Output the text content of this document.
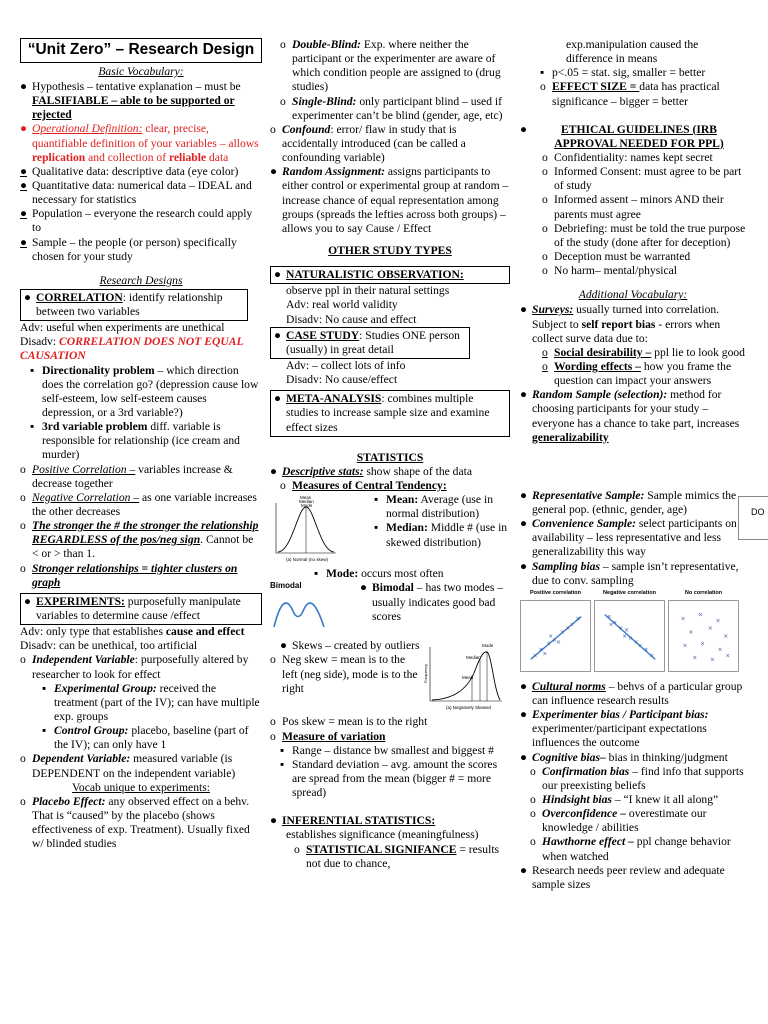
“Unit Zero” – Research Design
Basic Vocabulary:
● Hypothesis – tentative explanation – must be FALSIFIABLE – able to be supported or rejected
● Operational Definition: clear, precise, quantifiable definition of your variables – allows replication and collection of reliable data
● Qualitative data: descriptive data (eye color)
● Quantitative data: numerical data – IDEAL and necessary for statistics
● Population – everyone the research could apply to
● Sample – the people (or person) specifically chosen for your study
Research Designs
● CORRELATION: identify relationship between two variables
Adv: useful when experiments are unethical
Disadv: CORRELATION DOES NOT EQUAL CAUSATION
▪ Directionality problem – which direction does the correlation go? (depression cause low self-esteem, low self-esteem causes depression, or a 3rd variable?)
▪ 3rd variable problem diff. variable is responsible for relationship (ice cream and murder)
o Positive Correlation – variables increase & decrease together
o Negative Correlation – as one variable increases the other decreases
o The stronger the # the stronger the relationship REGARDLESS of the pos/neg sign. Cannot be < or > than 1.
o Stronger relationships = tighter clusters on graph
● EXPERIMENTS: purposefully manipulate variables to determine cause /effect
Adv: only type that establishes cause and effect Disadv: can be unethical, too artificial
o Independent Variable: purposefully altered by researcher to look for effect
▪ Experimental Group: received the treatment (part of the IV); can have multiple exp. groups
▪ Control Group: placebo, baseline (part of the IV); can only have 1
o Dependent Variable: measured variable (is DEPENDENT on the independent variable)
Vocab unique to experiments:
o Placebo Effect: any observed effect on a behv. That is “caused” by the placebo (shows effectiveness of exp. Treatment). Usually fixed w/ blinded studies
o Double-Blind: Exp. where neither the participant or the experimenter are aware of which condition people are assigned to (drug studies)
o Single-Blind: only participant blind – used if experimenter can’t be blind (gender, age, etc)
o Confound: error/ flaw in study that is accidentally introduced (can be called a confounding variable)
● Random Assignment: assigns participants to either control or experimental group at random –increase chance of equal representation among groups (spreads the lefties across both groups) – allows you to say Cause / Effect
OTHER STUDY TYPES
● NATURALISTIC OBSERVATION:
observe ppl in their natural settings
Adv: real world validity
Disadv: No cause and effect
● CASE STUDY: Studies ONE person (usually) in great detail
Adv: – collect lots of info
Disadv: No cause/effect
● META-ANALYSIS: combines multiple studies to increase sample size and examine effect sizes
STATISTICS
● Descriptive stats: show shape of the data
o Measures of Central Tendency:
Mean
Median
Mode
(a) Normal (no skew)
▪ Mean: Average (use in normal distribution)
▪ Median: Middle # (use in skewed distribution)
▪ Mode: occurs most often
Bimodal	● Bimodal – has two modes – usually indicates good bad scores
● Skews – created by outliers
o Neg skew = mean is to the left (neg side), mode is to the right
Mode
Median
Mean
Frequency
(a) Negatively Skewed
o Pos skew = mean is to the right
o Measure of variation
▪ Range – distance bw smallest and biggest #
▪ Standard deviation – avg. amount the scores are spread from the mean (bigger # = more spread)
● INFERENTIAL STATISTICS:
establishes significance (meaningfulness)
o STATISTICAL SIGNIFANCE = results not due to chance,
exp.manipulation caused the difference in means
▪ p<.05 = stat. sig, smaller = better
o EFFECT SIZE = data has practical significance – bigger = better
●	ETHICAL GUIDELINES (IRB APPROVAL NEEDED FOR PPL)
o Confidentiality: names kept secret
o Informed Consent: must agree to be part of study
o Informed assent – minors AND their parents must agree
o Debriefing: must be told the true purpose of the study (done after for deception)
o Deception must be warranted
o No harm– mental/physical
Additional Vocabulary:
● Surveys: usually turned into correlation. Subject to self report bias - errors when collect surve data due to:
o Social desirability – ppl lie to look good
o Wording effects – how you frame the question can impact your answers
● Random Sample (selection): method for choosing participants for your study –everyone has a chance to take part, increases generalizability
● Representative Sample: Sample mimics the general pop. (ethnic, gender, age)
● Convenience Sample: select participants on availability – less representative and less generalizability this way
● Sampling bias – sample isn’t representative, due to conv. sampling
Positive correlation
×
×
×
×
×
×
×
×
×
×
×
Negative correlation
×
×
×
× ×
×
×
×
×
×
×
No correlation
×
×
×
×
×
×
× ×
×
× ×
×
● Cultural norms – behvs of a particular group can influence research results
● Experimenter bias / Participant bias: experimenter/participant expectations influences the outcome
● Cognitive bias– bias in thinking/judgment
o Confirmation bias – find info that supports our preexisting beliefs
o Hindsight bias – “I knew it all along”
o Overconfidence – overestimate our knowledge / abilities
o Hawthorne effect – ppl change behavior when watched
● Research needs peer review and adequate sample sizes
DO
